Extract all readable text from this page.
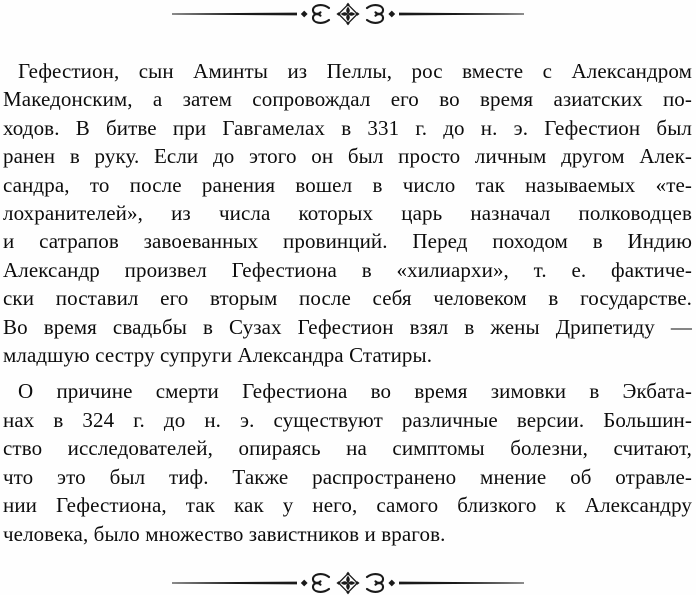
Гефестион, сын Аминты из Пеллы, рос вместе с Александром
Македонским, а затем сопровождал его во время азиатских по-
ходов. В битве при Гавгамелах в 331 г. до н. э. Гефестион был
ранен в руку. Если до этого он был просто личным другом Алек-
сандра, то после ранения вошел в число так называемых «те-
лохранителей», из числа которых царь назначал полководцев
и сатрапов завоеванных провинций. Перед походом в Индию
Александр произвел Гефестиона в «хилиархи», т. е. фактиче-
ски поставил его вторым после себя человеком в государстве.
Во время свадьбы в Сузах Гефестион взял в жены Дрипетиду —
младшую сестру супруги Александра Статиры.
О причине смерти Гефестиона во время зимовки в Экбата-
нах в 324 г. до н. э. существуют различные версии. Большин-
ство исследователей, опираясь на симптомы болезни, считают,
что это был тиф. Также распространено мнение об отравле-
нии Гефестиона, так как у него, самого близкого к Александру
человека, было множество завистников и врагов.
